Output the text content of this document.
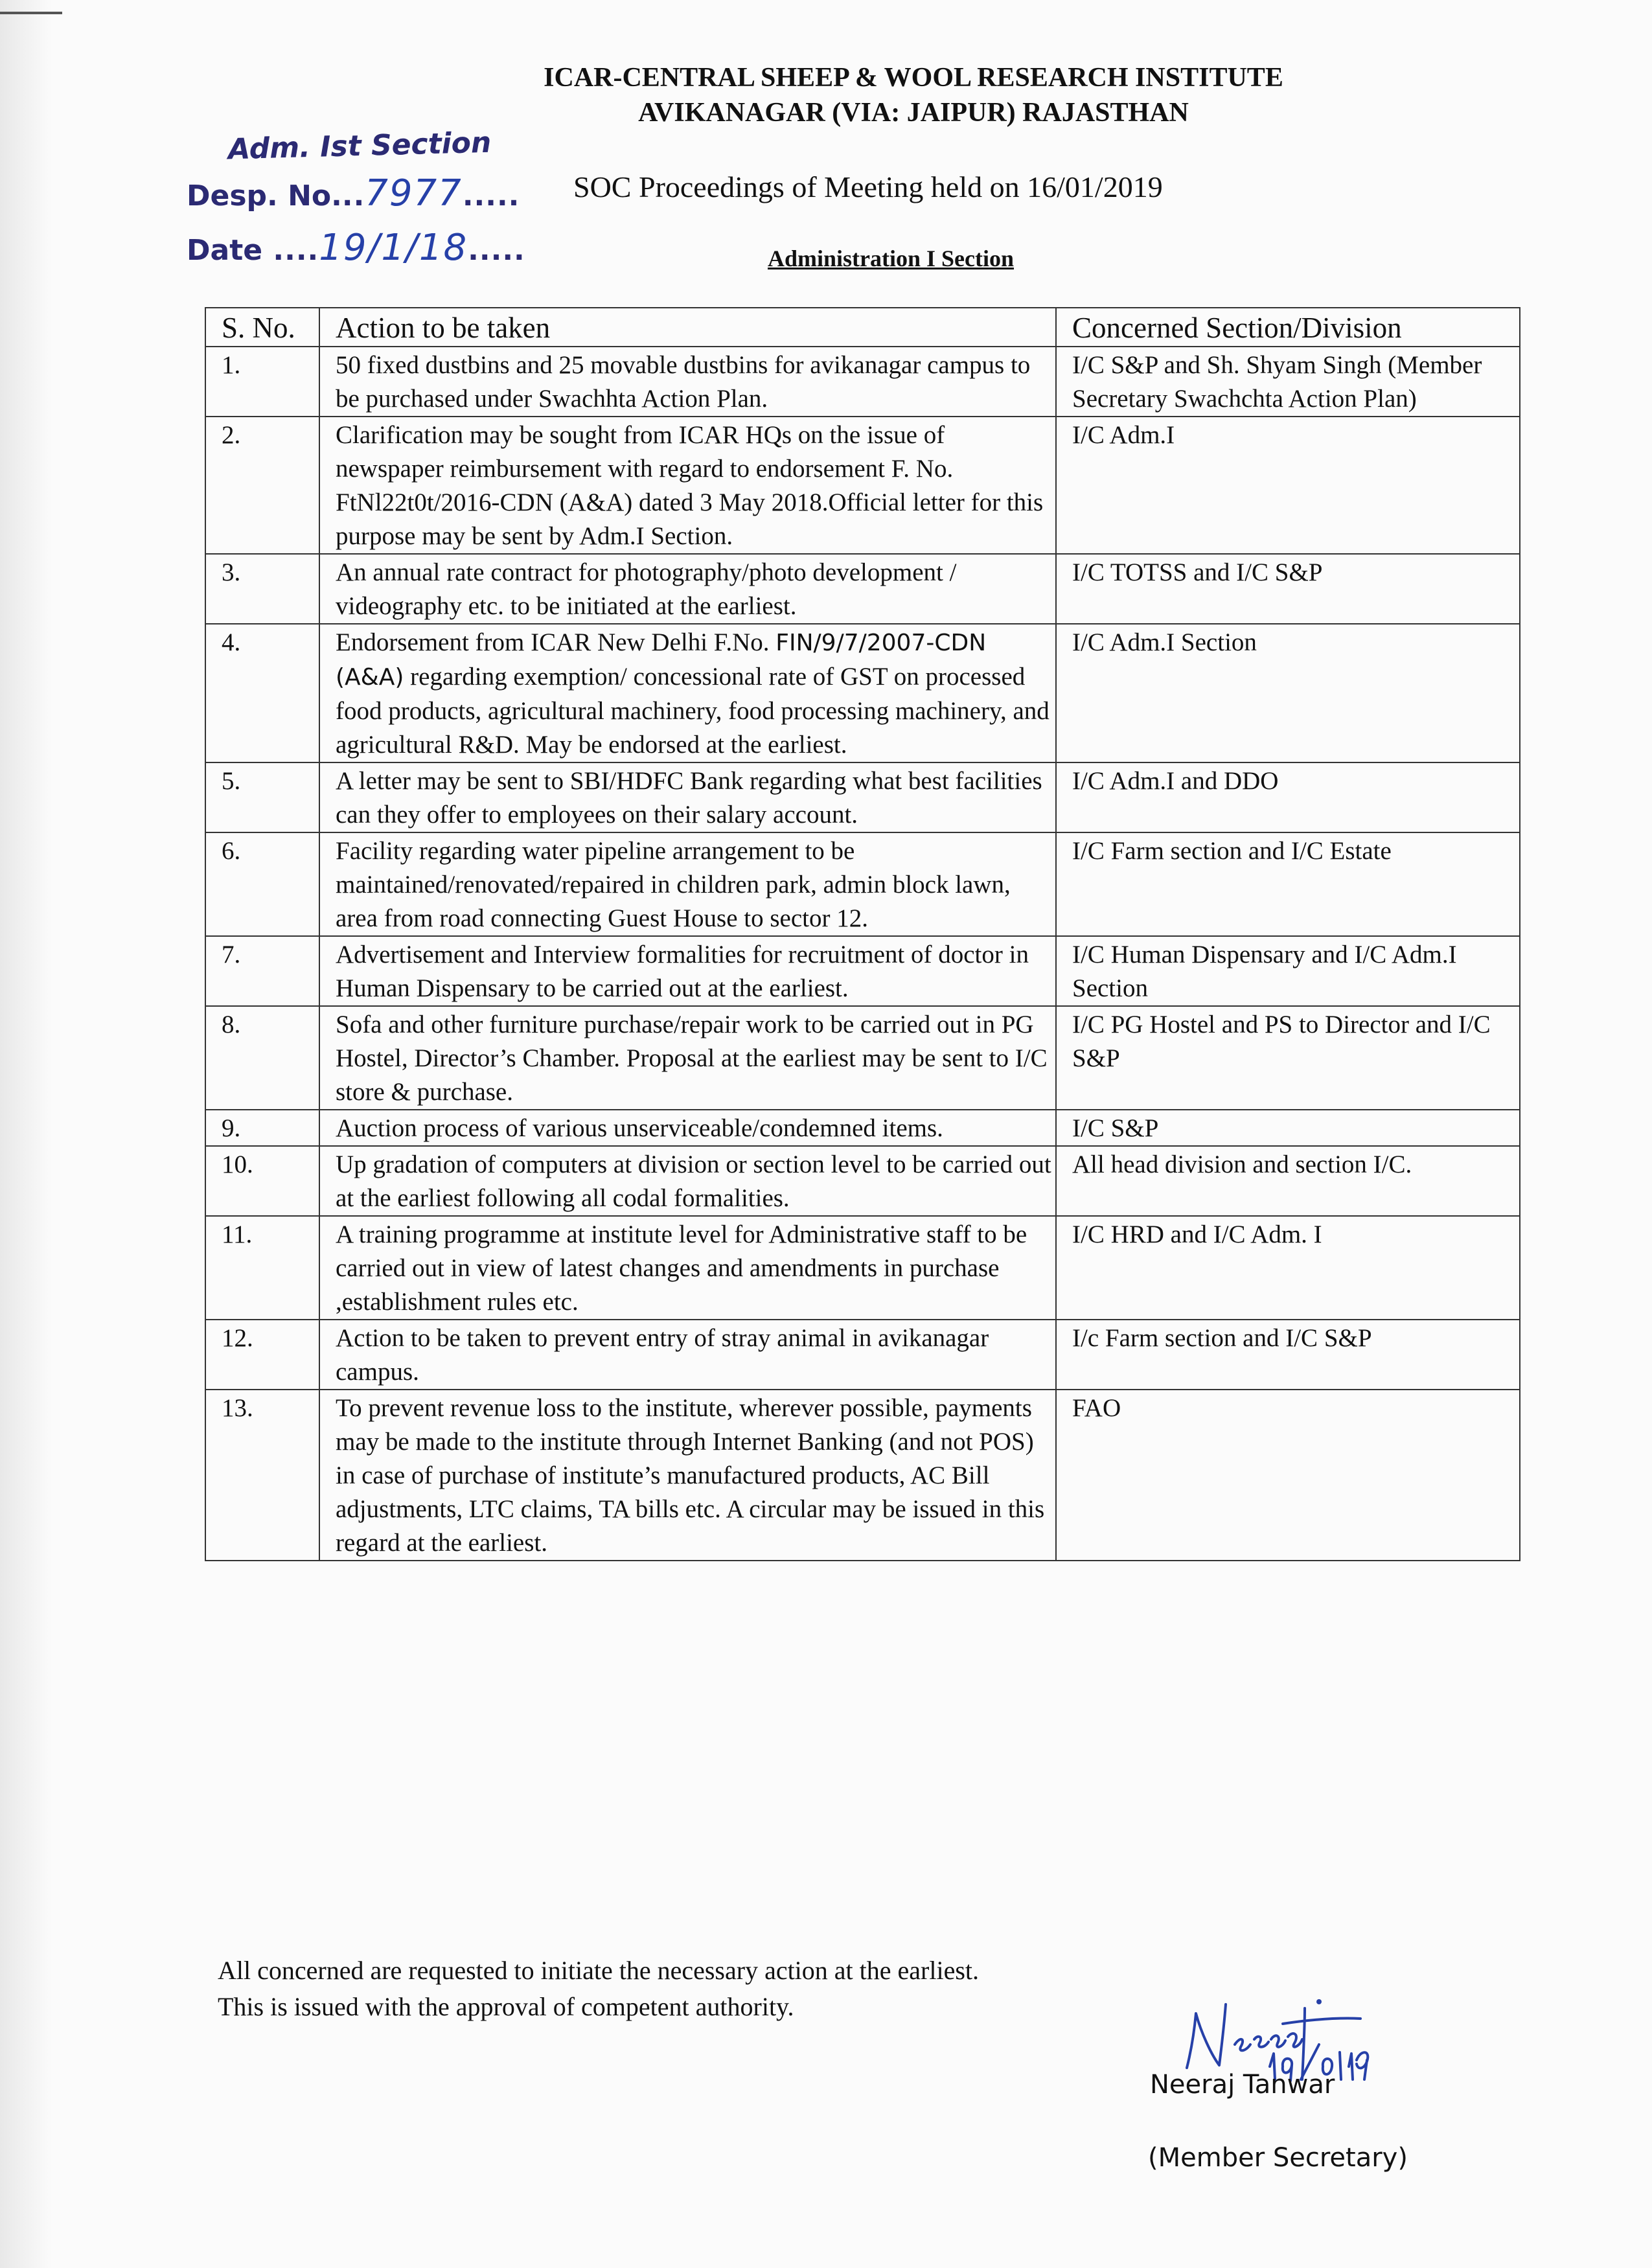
ICAR-CENTRAL SHEEP & WOOL RESEARCH INSTITUTE
AVIKANAGAR (VIA: JAIPUR) RAJASTHAN
Adm. Ist Section
Desp. No...7977.....
Date ....19/1/18.....
SOC Proceedings of Meeting held on 16/01/2019
Administration I Section
S. No.	Action to be taken	Concerned Section/Division
1.	50 fixed dustbins and 25 movable dustbins for avikanagar campus to be purchased under Swachhta Action Plan.	I/C S&P and Sh. Shyam Singh (Member Secretary Swachchta Action Plan)
2.	Clarification may be sought from ICAR HQs on the issue of newspaper reimbursement with regard to endorsement F. No. FtNl22t0t/2016-CDN (A&A) dated 3 May 2018.Official letter for this purpose may be sent by Adm.I Section.	I/C Adm.I
3.	An annual rate contract for photography/photo development / videography etc. to be initiated at the earliest.	I/C TOTSS and I/C S&P
4.	Endorsement from ICAR New Delhi F.No. FIN/9/7/2007-CDN (A&A) regarding exemption/ concessional rate of GST on processed food products, agricultural machinery, food processing machinery, and agricultural R&D. May be endorsed at the earliest.	I/C Adm.I Section
5.	A letter may be sent to SBI/HDFC Bank regarding what best facilities can they offer to employees on their salary account.	I/C Adm.I and DDO
6.	Facility regarding water pipeline arrangement to be maintained/renovated/repaired in children park, admin block lawn, area from road connecting Guest House to sector 12.	I/C Farm section and I/C Estate
7.	Advertisement and Interview formalities for recruitment of doctor in Human Dispensary to be carried out at the earliest.	I/C Human Dispensary and I/C Adm.I Section
8.	Sofa and other furniture purchase/repair work to be carried out in PG Hostel, Director’s Chamber. Proposal at the earliest may be sent to I/C store & purchase.	I/C PG Hostel and PS to Director and I/C S&P
9.	Auction process of various unserviceable/condemned items.	I/C S&P
10.	Up gradation of computers at division or section level to be carried out at the earliest following all codal formalities.	All head division and section I/C.
11.	A training programme at institute level for Administrative staff to be carried out in view of latest changes and amendments in purchase ,establishment rules etc.	I/C HRD and I/C Adm. I
12.	Action to be taken to prevent entry of stray animal in avikanagar campus.	I/c Farm section and I/C S&P
13.	To prevent revenue loss to the institute, wherever possible, payments may be made to the institute through Internet Banking (and not POS) in case of purchase of institute’s manufactured products, AC Bill adjustments, LTC claims, TA bills etc. A circular may be issued in this regard at the earliest.	FAO
All concerned are requested to initiate the necessary action at the earliest.
This is issued with the approval of competent authority.
Neeraj Tanwar
(Member Secretary)
